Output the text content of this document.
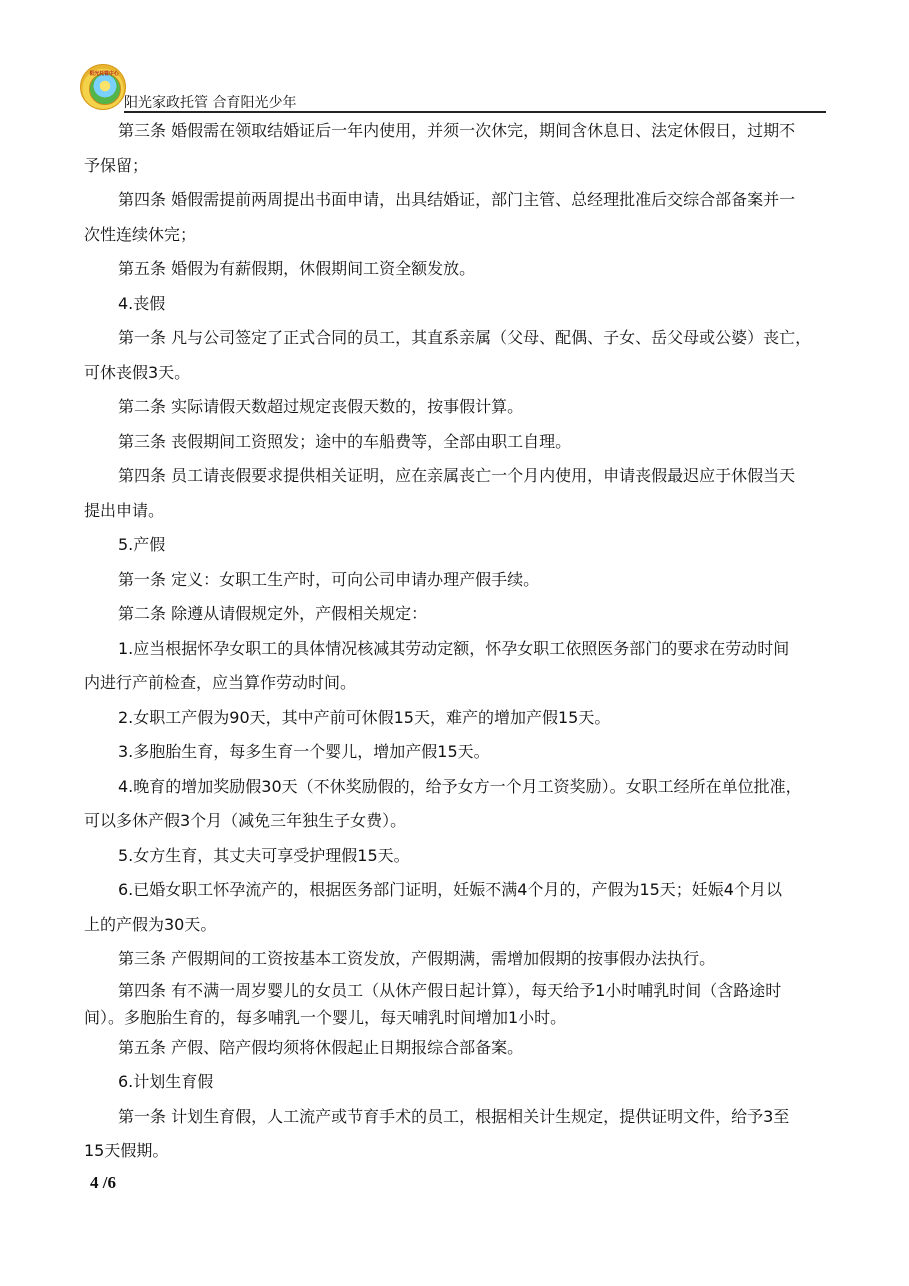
阳光托管中心
阳光家政托管 合育阳光少年

第三条 婚假需在领取结婚证后一年内使用，并须一次休完，期间含休息日、法定休假日，过期不

予保留；

第四条 婚假需提前两周提出书面申请，出具结婚证，部门主管、总经理批准后交综合部备案并一

次性连续休完；

第五条 婚假为有薪假期，休假期间工资全额发放。

4.丧假

第一条 凡与公司签定了正式合同的员工，其直系亲属（父母、配偶、子女、岳父母或公婆）丧亡，

可休丧假3天。

第二条 实际请假天数超过规定丧假天数的，按事假计算。

第三条 丧假期间工资照发；途中的车船费等，全部由职工自理。

第四条 员工请丧假要求提供相关证明，应在亲属丧亡一个月内使用，申请丧假最迟应于休假当天

提出申请。

5.产假

第一条 定义：女职工生产时，可向公司申请办理产假手续。

第二条 除遵从请假规定外，产假相关规定：

1.应当根据怀孕女职工的具体情况核减其劳动定额，怀孕女职工依照医务部门的要求在劳动时间

内进行产前检查，应当算作劳动时间。

2.女职工产假为90天，其中产前可休假15天，难产的增加产假15天。

3.多胞胎生育，每多生育一个婴儿，增加产假15天。

4.晚育的增加奖励假30天（不休奖励假的，给予女方一个月工资奖励）。女职工经所在单位批准，

可以多休产假3个月（减免三年独生子女费）。

5.女方生育，其丈夫可享受护理假15天。

6.已婚女职工怀孕流产的，根据医务部门证明，妊娠不满4个月的，产假为15天；妊娠4个月以

上的产假为30天。

第三条 产假期间的工资按基本工资发放，产假期满，需增加假期的按事假办法执行。

第四条 有不满一周岁婴儿的女员工（从休产假日起计算），每天给予1小时哺乳时间（含路途时

间）。多胞胎生育的，每多哺乳一个婴儿，每天哺乳时间增加1小时。

第五条 产假、陪产假均须将休假起止日期报综合部备案。

6.计划生育假

第一条 计划生育假，人工流产或节育手术的员工，根据相关计生规定，提供证明文件，给予3至

15天假期。

4 /6
